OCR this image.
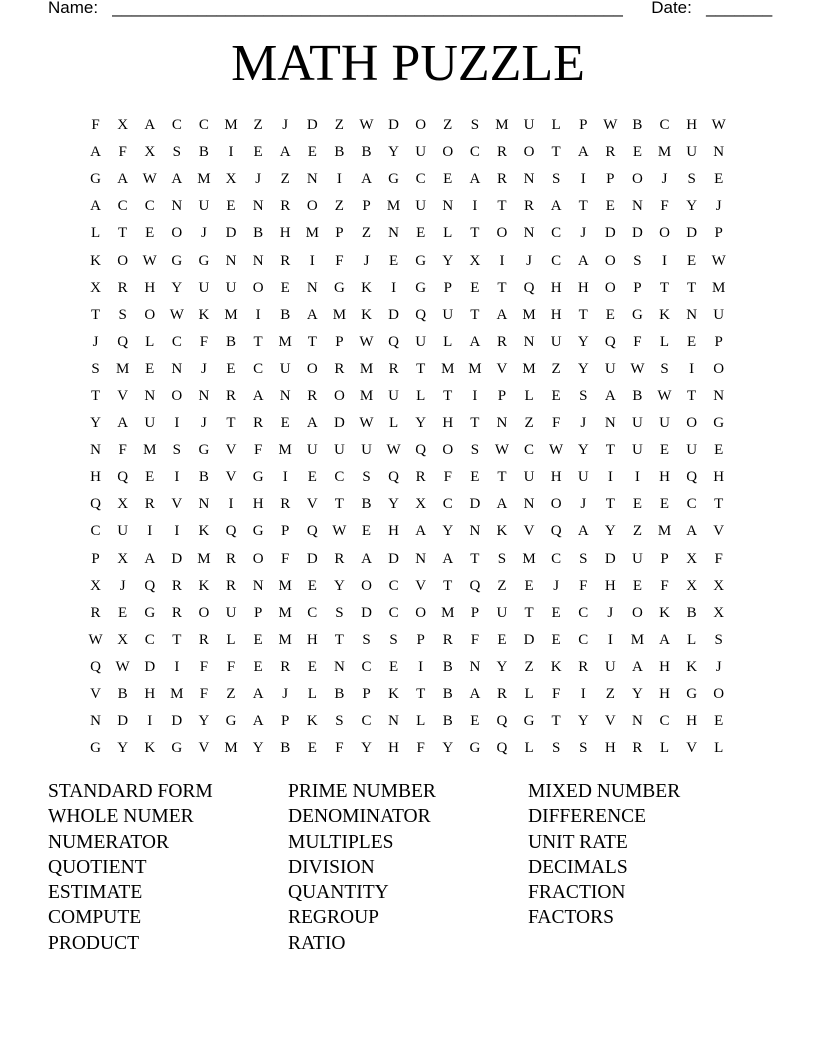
Name: ______________________________________________________ Date: _______
MATH PUZZLE
F	X	A	C	C	M	Z	J	D	Z	W D	O	Z	S	M	U	L	P	W	B	C	H W
A	F	X	S	B	I	E	A	E	B	B	Y	U	O	C	R	O	T	A	R	E	M	U	N
G	A W A	M	X	J	Z	N	I	A	G	C	E	A	R	N	S	I	P	O	J	S	E
A	C	C	N	U	E	N	R	O	Z	P	M	U	N	I	T	R	A	T	E	N	F	Y	J
L	T	E	O	J	D	B	H	M	P	Z	N	E	L	T	O	N	C	J	D	D	O	D	P
K	O W G	G	N	N	R	I	F	J	E	G	Y	X	I	J	C	A	O	S	I	E	W
X	R	H	Y	U	U	O	E	N	G	K	I	G	P	E	T	Q	H	H	O	P	T	T	M
T	S	O W K	M	I	B	A	M	K	D	Q	U	T	A	M	H	T	E	G	K	N	U
J	Q	L	C	F	B	T	M	T	P	W Q	U	L	A	R	N	U	Y	Q	F	L	E	P
S	M	E	N	J	E	C	U	O	R	M	R	T	M M	V	M	Z	Y	U W	S	I	O
T	V	N	O	N	R	A	N	R	O	M	U	L	T	I	P	L	E	S	A	B	W	T	N
Y	A	U	I	J	T	R	E	A	D W	L	Y	H	T	N	Z	F	J	N	U	U	O	G
N	F	M	S	G	V	F	M	U	U	U W Q	O	S	W	C	W Y	T	U	E	U	E
H	Q	E	I	B	V	G	I	E	C	S	Q	R	F	E	T	U	H	U	I	I	H	Q	H
Q	X	R	V	N	I	H	R	V	T	B	Y	X	C	D	A	N	O	J	T	E	E	C	T
C	U	I	I	K	Q	G	P	Q W	E	H	A	Y	N	K	V	Q	A	Y	Z	M	A	V
P	X	A	D	M	R	O	F	D	R	A	D	N	A	T	S	M	C	S	D	U	P	X	F
X	J	Q	R	K	R	N	M	E	Y	O	C	V	T	Q	Z	E	J	F	H	E	F	X	X
R	E	G	R	O	U	P	M	C	S	D	C	O	M	P	U	T	E	C	J	O	K	B	X
W X	C	T	R	L	E	M	H	T	S	S	P	R	F	E	D	E	C	I	M	A	L	S
Q W D	I	F	F	E	R	E	N	C	E	I	B	N	Y	Z	K	R	U	A	H	K	J
V	B	H	M	F	Z	A	J	L	B	P	K	T	B	A	R	L	F	I	Z	Y	H	G	O
N	D	I	D	Y	G	A	P	K	S	C	N	L	B	E	Q	G	T	Y	V	N	C	H	E
G	Y	K	G	V	M	Y	B	E	F	Y	H	F	Y	G	Q	L	S	S	H	R	L	V	L
STANDARD FORM	PRIME NUMBER	MIXED NUMBER
WHOLE NUMER	DENOMINATOR	DIFFERENCE
NUMERATOR	MULTIPLES	UNIT RATE
QUOTIENT	DIVISION	DECIMALS
ESTIMATE	QUANTITY	FRACTION
COMPUTE	REGROUP	FACTORS
PRODUCT	RATIO
